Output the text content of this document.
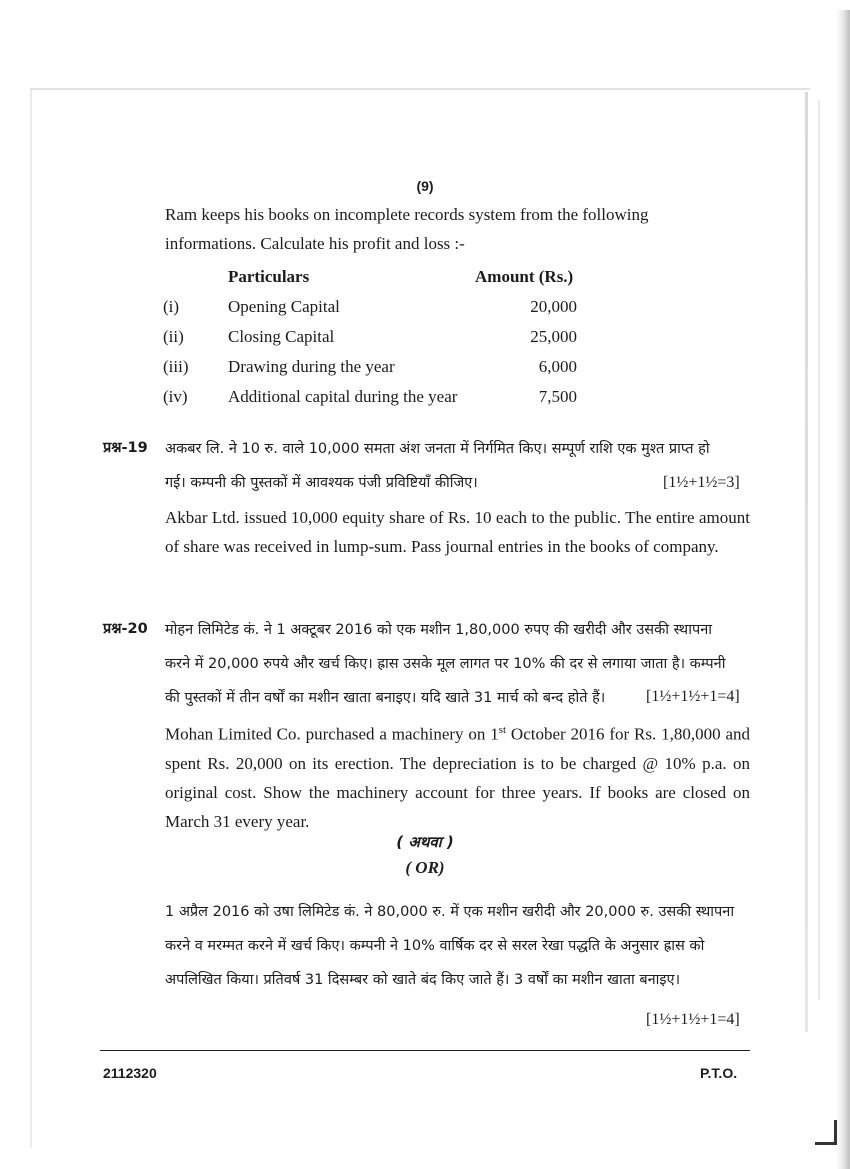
(9)
Ram keeps his books on incomplete records system from the following
informations. Calculate his profit and loss :-
Particulars	Amount (Rs.)
(i)	Opening Capital	20,000
(ii)	Closing Capital	25,000
(iii) Drawing during the year	6,000
(iv) Additional capital during the year	7,500
प्रश्न-19 अकबर लि. ने 10 रु. वाले 10,000 समता अंश जनता में निर्गमित किए। सम्पूर्ण राशि एक मुश्त प्राप्त हो
गई। कम्पनी की पुस्तकों में आवश्यक पंजी प्रविष्टियाँ कीजिए।	[1½+1½=3]
Akbar Ltd. issued 10,000 equity share of Rs. 10 each to the public. The entire amount of share was received in lump-sum. Pass journal entries in the books of company.
प्रश्न-20 मोहन लिमिटेड कं. ने 1 अक्टूबर 2016 को एक मशीन 1,80,000 रुपए की खरीदी और उसकी स्थापना
करने में 20,000 रुपये और खर्च किए। ह्रास उसके मूल लागत पर 10% की दर से लगाया जाता है। कम्पनी
की पुस्तकों में तीन वर्षों का मशीन खाता बनाइए। यदि खाते 31 मार्च को बन्द होते हैं।	[1½+1½+1=4]
Mohan Limited Co. purchased a machinery on 1st October 2016 for Rs. 1,80,000 and spent Rs. 20,000 on its erection. The depreciation is to be charged @ 10% p.a. on original cost. Show the machinery account for three years. If books are closed on March 31 every year.
( अथवा )
( OR)
1 अप्रैल 2016 को उषा लिमिटेड कं. ने 80,000 रु. में एक मशीन खरीदी और 20,000 रु. उसकी स्थापना
करने व मरम्मत करने में खर्च किए। कम्पनी ने 10% वार्षिक दर से सरल रेखा पद्धति के अनुसार ह्रास को
अपलिखित किया। प्रतिवर्ष 31 दिसम्बर को खाते बंद किए जाते हैं। 3 वर्षों का मशीन खाता बनाइए।
[1½+1½+1=4]
2112320	P.T.O.
